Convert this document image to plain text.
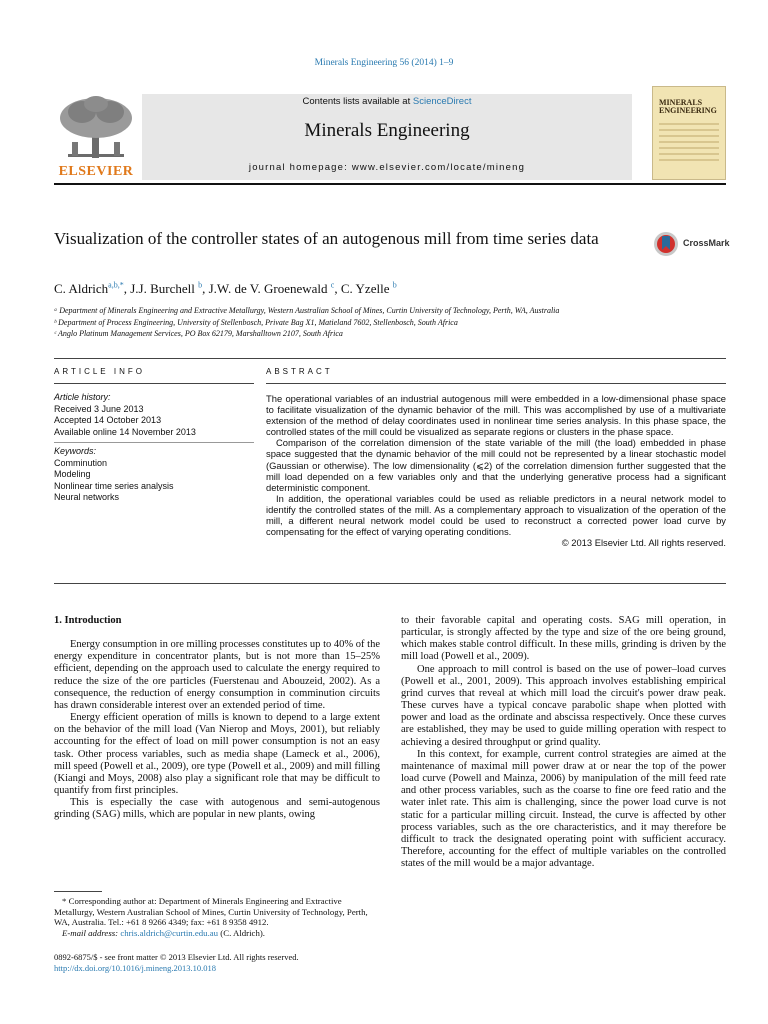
Minerals Engineering 56 (2014) 1–9
ELSEVIER
Contents lists available at ScienceDirect
Minerals Engineering
journal homepage: www.elsevier.com/locate/mineng
MINERALS
ENGINEERING
Visualization of the controller states of an autogenous mill from time series data	CrossMark
C. Aldrich$^{a,b,*}$, J.J. Burchell $^b$, J.W. de V. Groenewald $^c$, C. Yzelle $^b$
ᵃ Department of Minerals Engineering and Extractive Metallurgy, Western Australian School of Mines, Curtin University of Technology, Perth, WA, Australia
ᵇ Department of Process Engineering, University of Stellenbosch, Private Bag X1, Matieland 7602, Stellenbosch, South Africa
ᶜ Anglo Platinum Management Services, PO Box 62179, Marshalltown 2107, South Africa
ARTICLE INFO	ABSTRACT
Article history:
Received 3 June 2013
Accepted 14 October 2013
Available online 14 November 2013
Keywords:
Comminution
Modeling
Nonlinear time series analysis
Neural networks

The operational variables of an industrial autogenous mill were embedded in a low-dimensional phase space to facilitate visualization of the dynamic behavior of the mill. This was accomplished by use of a multivariate extension of the method of delay coordinates used in nonlinear time series analysis. In this phase space, the controlled states of the mill could be visualized as separate regions or clusters in the phase space.

Comparison of the correlation dimension of the state variable of the mill (the load) embedded in phase space suggested that the dynamic behavior of the mill could not be represented by a linear stochastic model (Gaussian or otherwise). The low dimensionality (⩽2) of the correlation dimension further suggested that the mill load depended on a few variables only and that the underlying generative process had a significant deterministic component.

In addition, the operational variables could be used as reliable predictors in a neural network model to identify the controlled states of the mill. As a complementary approach to visualization of the operation of the mill, a different neural network model could be used to reconstruct a corrected power load curve by compensating for the effect of varying operating conditions.

© 2013 Elsevier Ltd. All rights reserved.
1. Introduction

Energy consumption in ore milling processes constitutes up to 40% of the energy expenditure in concentrator plants, but is not more than 15–25% efficient, depending on the approach used to calculate the energy required to reduce the size of the ore particles (Fuerstenau and Abouzeid, 2002). As a consequence, the reduction of energy consumption in comminution circuits has drawn considerable interest over an extended period of time.

Energy efficient operation of mills is known to depend to a large extent on the behavior of the mill load (Van Nierop and Moys, 2001), but reliably accounting for the effect of load on mill power consumption is not an easy task. Other process variables, such as media shape (Lameck et al., 2006), mill speed (Powell et al., 2009), ore type (Powell et al., 2009) and mill filling (Kiangi and Moys, 2008) also play a significant role that may be difficult to quantify from first principles.

This is especially the case with autogenous and semi-autogenous grinding (SAG) mills, which are popular in new plants, owing

to their favorable capital and operating costs. SAG mill operation, in particular, is strongly affected by the type and size of the ore being ground, which makes stable control difficult. In these mills, grinding is driven by the mill load (Powell et al., 2009).

One approach to mill control is based on the use of power–load curves (Powell et al., 2001, 2009). This approach involves establishing empirical grind curves that reveal at which mill load the circuit's power draw peak. These curves have a typical concave parabolic shape when plotted with power and load as the ordinate and abscissa respectively. Once these curves are established, they may be used to guide milling operation with respect to achieving a desired throughput or grind quality.

In this context, for example, current control strategies are aimed at the maintenance of maximal mill power draw at or near the top of the power load curve (Powell and Mainza, 2006) by manipulation of the mill feed rate and other process variables, such as the coarse to fine ore feed ratio and the water inlet rate. This aim is challenging, since the power load curve is not static for a particular milling circuit. Instead, the curve is affected by other process variables, such as the ore characteristics, and it may therefore be difficult to track the designated operating point with sufficient accuracy. Therefore, accounting for the effect of multiple variables on the controlled states of the mill would be a major advantage.

* Corresponding author at: Department of Minerals Engineering and Extractive Metallurgy, Western Australian School of Mines, Curtin University of Technology, Perth, WA, Australia. Tel.: +61 8 9266 4349; fax: +61 8 9358 4912.
E-mail address: chris.aldrich@curtin.edu.au (C. Aldrich).
0892-6875/$ - see front matter © 2013 Elsevier Ltd. All rights reserved.
http://dx.doi.org/10.1016/j.mineng.2013.10.018
